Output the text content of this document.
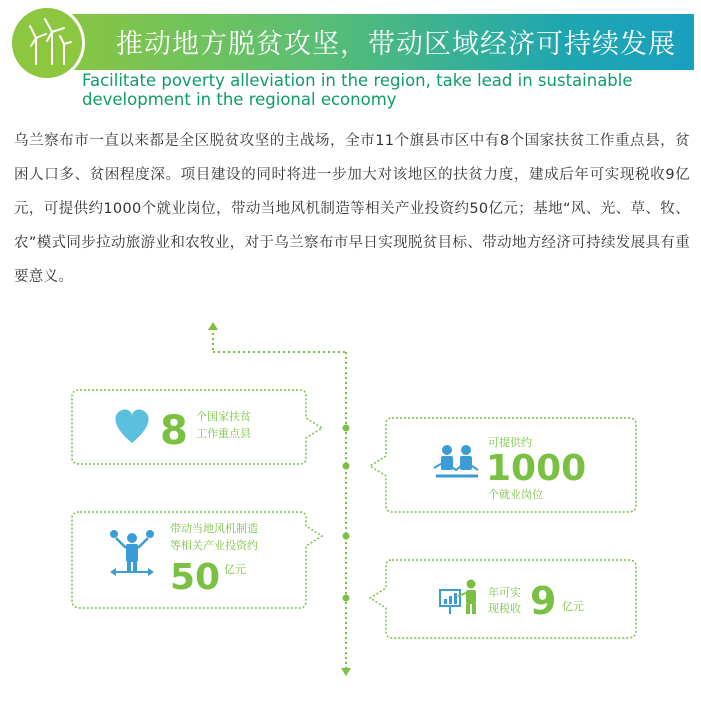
推动地方脱贫攻坚，带动区域经济可持续发展
Facilitate poverty alleviation in the region, take lead in sustainable development in the regional economy
乌兰察布市一直以来都是全区脱贫攻坚的主战场，全市11个旗县市区中有8个国家扶贫工作重点县，贫困人口多、贫困程度深。项目建设的同时将进一步加大对该地区的扶贫力度，建成后年可实现税收9亿元，可提供约1000个就业岗位，带动当地风机制造等相关产业投资约50亿元；基地“风、光、草、牧、农”模式同步拉动旅游业和农牧业，对于乌兰察布市早日实现脱贫目标、带动地方经济可持续发展具有重要意义。
8 个国家扶贫
工作重点县
可提供约
1000
个就业岗位
带动当地风机制造
等相关产业投资约
50 亿元
年可实
现税收 9 亿元
